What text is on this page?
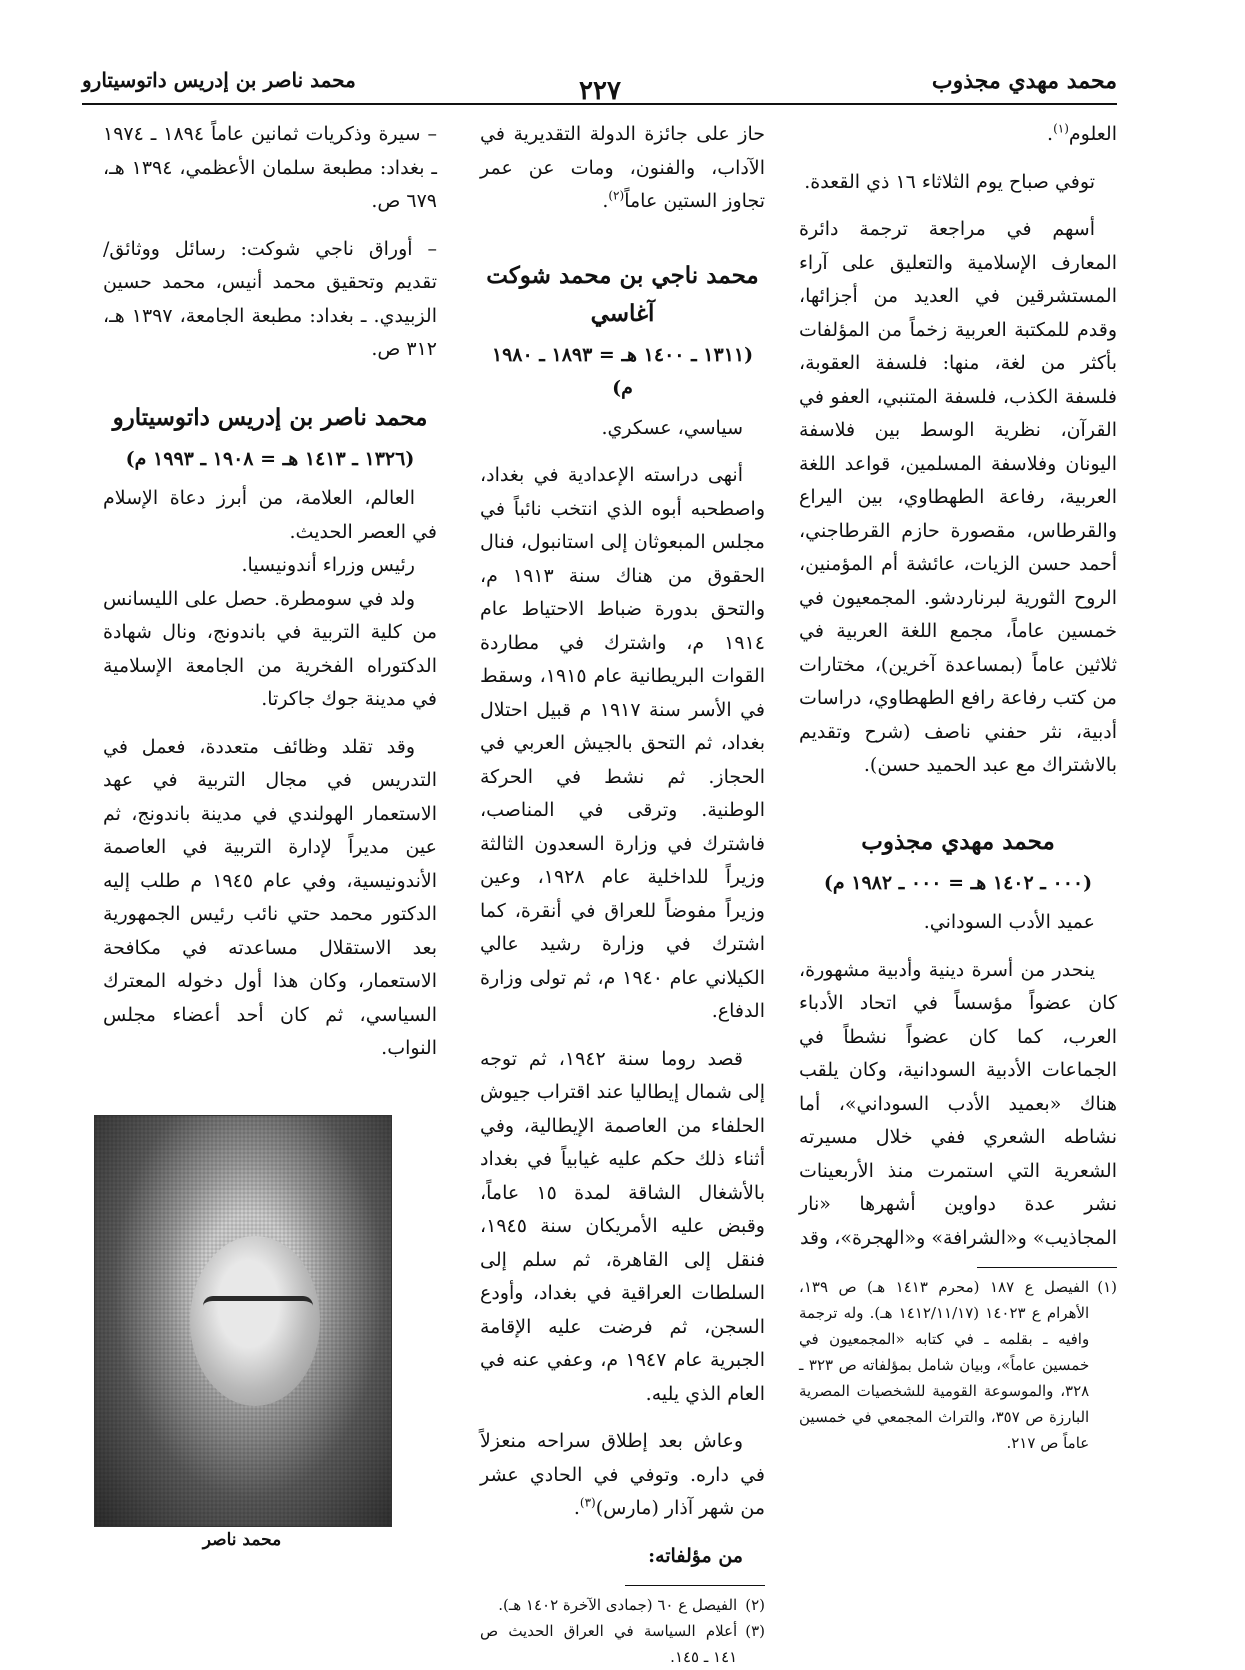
محمد مهدي مجذوب
٢٢٧
محمد ناصر بن إدريس داتوسيتارو

العلوم$^{(١)}$.

توفي صباح يوم الثلاثاء ١٦ ذي القعدة.

أسهم في مراجعة ترجمة دائرة المعارف الإسلامية والتعليق على آراء المستشرقين في العديد من أجزائها، وقدم للمكتبة العربية زخماً من المؤلفات بأكثر من لغة، منها: فلسفة العقوبة، فلسفة الكذب، فلسفة المتنبي، العفو في القرآن، نظرية الوسط بين فلاسفة اليونان وفلاسفة المسلمين، قواعد اللغة العربية، رفاعة الطهطاوي، بين اليراع والقرطاس، مقصورة حازم القرطاجني، أحمد حسن الزيات، عائشة أم المؤمنين، الروح الثورية لبرناردشو. المجمعيون في خمسين عاماً، مجمع اللغة العربية في ثلاثين عاماً (بمساعدة آخرين)، مختارات من كتب رفاعة رافع الطهطاوي، دراسات أدبية، نثر حفني ناصف (شرح وتقديم بالاشتراك مع عبد الحميد حسن).

محمد مهدي مجذوب
(٠٠٠ ـ ١٤٠٢ هـ = ٠٠٠ ـ ١٩٨٢ م)

عميد الأدب السوداني.

ينحدر من أسرة دينية وأدبية مشهورة، كان عضواً مؤسساً في اتحاد الأدباء العرب، كما كان عضواً نشطاً في الجماعات الأدبية السودانية، وكان يلقب هناك «بعميد الأدب السوداني»، أما نشاطه الشعري ففي خلال مسيرته الشعرية التي استمرت منذ الأربعينات نشر عدة دواوين أشهرها «نار المجاذيب» و«الشرافة» و«الهجرة»، وقد

(١)
الفيصل ع ١٨٧ (محرم ١٤١٣ هـ) ص ١٣٩، الأهرام ع ١٤٠٢٣ (١٤١٢/١١/١٧ هـ). وله ترجمة وافيه ـ بقلمه ـ في كتابه «المجمعيون في خمسين عاماً»، وبيان شامل بمؤلفاته ص ٣٢٣ ـ ٣٢٨، والموسوعة القومية للشخصيات المصرية البارزة ص ٣٥٧، والتراث المجمعي في خمسين عاماً ص ٢١٧.

حاز على جائزة الدولة التقديرية في الآداب، والفنون، ومات عن عمر تجاوز الستين عاماً$^{(٢)}$.

محمد ناجي بن محمد شوكت آغاسي
(١٣١١ ـ ١٤٠٠ هـ = ١٨٩٣ ـ ١٩٨٠ م)

سياسي، عسكري.

أنهى دراسته الإعدادية في بغداد، واصطحبه أبوه الذي انتخب نائباً في مجلس المبعوثان إلى استانبول، فنال الحقوق من هناك سنة ١٩١٣ م، والتحق بدورة ضباط الاحتياط عام ١٩١٤ م، واشترك في مطاردة القوات البريطانية عام ١٩١٥، وسقط في الأسر سنة ١٩١٧ م قبيل احتلال بغداد، ثم التحق بالجيش العربي في الحجاز. ثم نشط في الحركة الوطنية. وترقى في المناصب، فاشترك في وزارة السعدون الثالثة وزيراً للداخلية عام ١٩٢٨، وعين وزيراً مفوضاً للعراق في أنقرة، كما اشترك في وزارة رشيد عالي الكيلاني عام ١٩٤٠ م، ثم تولى وزارة الدفاع.

قصد روما سنة ١٩٤٢، ثم توجه إلى شمال إيطاليا عند اقتراب جيوش الحلفاء من العاصمة الإيطالية، وفي أثناء ذلك حكم عليه غيابياً في بغداد بالأشغال الشاقة لمدة ١٥ عاماً، وقبض عليه الأمريكان سنة ١٩٤٥، فنقل إلى القاهرة، ثم سلم إلى السلطات العراقية في بغداد، وأودع السجن، ثم فرضت عليه الإقامة الجبرية عام ١٩٤٧ م، وعفي عنه في العام الذي يليه.

وعاش بعد إطلاق سراحه منعزلاً في داره. وتوفي في الحادي عشر من شهر آذار (مارس)$^{(٣)}$.

من مؤلفاته:

(٢)
الفيصل ع ٦٠ (جمادى الآخرة ١٤٠٢ هـ).
(٣)
أعلام السياسة في العراق الحديث ص ١٤١ ـ ١٤٥.

– سيرة وذكريات ثمانين عاماً ١٨٩٤ ـ ١٩٧٤ ـ بغداد: مطبعة سلمان الأعظمي، ١٣٩٤ هـ، ٦٧٩ ص.

– أوراق ناجي شوكت: رسائل ووثائق/ تقديم وتحقيق محمد أنيس، محمد حسين الزبيدي. ـ بغداد: مطبعة الجامعة، ١٣٩٧ هـ، ٣١٢ ص.

محمد ناصر بن إدريس داتوسيتارو
(١٣٢٦ ـ ١٤١٣ هـ = ١٩٠٨ ـ ١٩٩٣ م)

العالم، العلامة، من أبرز دعاة الإسلام في العصر الحديث.

رئيس وزراء أندونيسيا.

ولد في سومطرة. حصل على الليسانس من كلية التربية في باندونج، ونال شهادة الدكتوراه الفخرية من الجامعة الإسلامية في مدينة جوك جاكرتا.

وقد تقلد وظائف متعددة، فعمل في التدريس في مجال التربية في عهد الاستعمار الهولندي في مدينة باندونج، ثم عين مديراً لإدارة التربية في العاصمة الأندونيسية، وفي عام ١٩٤٥ م طلب إليه الدكتور محمد حتي نائب رئيس الجمهورية بعد الاستقلال مساعدته في مكافحة الاستعمار، وكان هذا أول دخوله المعترك السياسي، ثم كان أحد أعضاء مجلس النواب.

محمد ناصر
